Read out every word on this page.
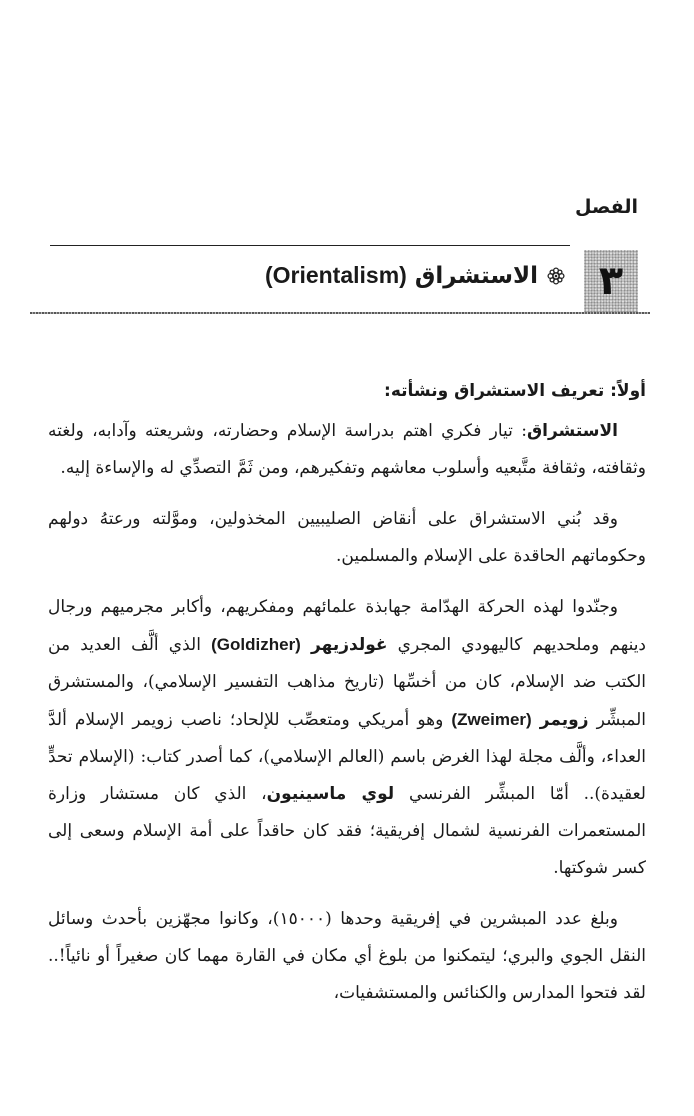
الفصل
٣
الاستشراق
(Orientalism)
أولاً: تعريف الاستشراق ونشأته:

الاستشراق: تيار فكري اهتم بدراسة الإسلام وحضارته، وشريعته وآدابه، ولغته وثقافته، وثقافة متَّبعيه وأسلوب معاشهم وتفكيرهم، ومن ثَمَّ التصدِّي له والإساءة إليه.

وقد بُني الاستشراق على أنقاض الصليبيين المخذولين، وموَّلته ورعتهُ دولهم وحكوماتهم الحاقدة على الإسلام والمسلمين.

وجنّدوا لهذه الحركة الهدّامة جهابذة علمائهم ومفكريهم، وأكابر مجرميهم ورجال دينهم وملحديهم كاليهودي المجري غولدزيهر (Goldizher) الذي ألَّف العديد من الكتب ضد الإسلام، كان من أخسِّها (تاريخ مذاهب التفسير الإسلامي)، والمستشرق المبشِّر زويمر (Zweimer) وهو أمريكي ومتعصِّب للإلحاد؛ ناصب زويمر الإسلام ألدَّ العداء، وألَّف مجلة لهذا الغرض باسم (العالم الإسلامي)، كما أصدر كتاب: (الإسلام تحدٍّ لعقيدة).. أمّا المبشِّر الفرنسي لوي ماسينيون، الذي كان مستشار وزارة المستعمرات الفرنسية لشمال إفريقية؛ فقد كان حاقداً على أمة الإسلام وسعى إلى كسر شوكتها.

وبلغ عدد المبشرين في إفريقية وحدها (١٥٠٠٠)، وكانوا مجهّزين بأحدث وسائل النقل الجوي والبري؛ ليتمكنوا من بلوغ أي مكان في القارة مهما كان صغيراً أو نائياً!.. لقد فتحوا المدارس والكنائس والمستشفيات،
